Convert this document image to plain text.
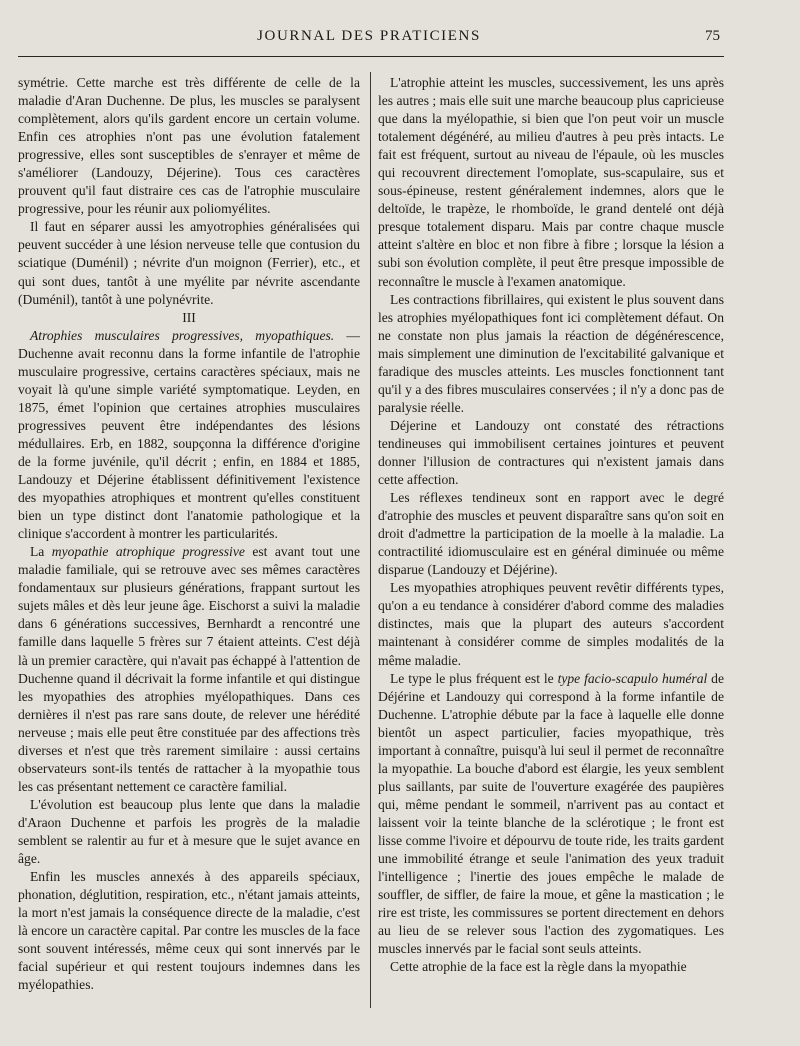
JOURNAL DES PRATICIENS	75

symétrie. Cette marche est très différente de celle de la maladie d'Aran Duchenne. De plus, les muscles se paralysent complètement, alors qu'ils gardent encore un certain volume. Enfin ces atrophies n'ont pas une évolution fatalement progressive, elles sont susceptibles de s'enrayer et même de s'améliorer (Landouzy, Déjerine). Tous ces caractères prouvent qu'il faut distraire ces cas de l'atrophie musculaire progressive, pour les réunir aux poliomyélites.

Il faut en séparer aussi les amyotrophies généralisées qui peuvent succéder à une lésion nerveuse telle que contusion du sciatique (Duménil) ; névrite d'un moignon (Ferrier), etc., et qui sont dues, tantôt à une myélite par névrite ascendante (Duménil), tantôt à une polynévrite.

III

Atrophies musculaires progressives, myopathiques. — Duchenne avait reconnu dans la forme infantile de l'atrophie musculaire progressive, certains caractères spéciaux, mais ne voyait là qu'une simple variété symptomatique. Leyden, en 1875, émet l'opinion que certaines atrophies musculaires progressives peuvent être indépendantes des lésions médullaires. Erb, en 1882, soupçonna la différence d'origine de la forme juvénile, qu'il décrit ; enfin, en 1884 et 1885, Landouzy et Déjerine établissent définitivement l'existence des myopathies atrophiques et montrent qu'elles constituent bien un type distinct dont l'anatomie pathologique et la clinique s'accordent à montrer les particularités.

La myopathie atrophique progressive est avant tout une maladie familiale, qui se retrouve avec ses mêmes caractères fondamentaux sur plusieurs générations, frappant surtout les sujets mâles et dès leur jeune âge. Eischorst a suivi la maladie dans 6 générations successives, Bernhardt a rencontré une famille dans laquelle 5 frères sur 7 étaient atteints. C'est déjà là un premier caractère, qui n'avait pas échappé à l'attention de Duchenne quand il décrivait la forme infantile et qui distingue les myopathies des atrophies myélopathiques. Dans ces dernières il n'est pas rare sans doute, de relever une hérédité nerveuse ; mais elle peut être constituée par des affections très diverses et n'est que très rarement similaire : aussi certains observateurs sont-ils tentés de rattacher à la myopathie tous les cas présentant nettement ce caractère familial.

L'évolution est beaucoup plus lente que dans la maladie d'Araon Duchenne et parfois les progrès de la maladie semblent se ralentir au fur et à mesure que le sujet avance en âge.

Enfin les muscles annexés à des appareils spéciaux, phonation, déglutition, respiration, etc., n'étant jamais atteints, la mort n'est jamais la conséquence directe de la maladie, c'est là encore un caractère capital. Par contre les muscles de la face sont souvent intéressés, même ceux qui sont innervés par le facial supérieur et qui restent toujours indemnes dans les myélopathies.

L'atrophie atteint les muscles, successivement, les uns après les autres ; mais elle suit une marche beaucoup plus capricieuse que dans la myélopathie, si bien que l'on peut voir un muscle totalement dégénéré, au milieu d'autres à peu près intacts. Le fait est fréquent, surtout au niveau de l'épaule, où les muscles qui recouvrent directement l'omoplate, sus-scapulaire, sus et sous-épineuse, restent généralement indemnes, alors que le deltoïde, le trapèze, le rhomboïde, le grand dentelé ont déjà presque totalement disparu. Mais par contre chaque muscle atteint s'altère en bloc et non fibre à fibre ; lorsque la lésion a subi son évolution complète, il peut être presque impossible de reconnaître le muscle à l'examen anatomique.

Les contractions fibrillaires, qui existent le plus souvent dans les atrophies myélopathiques font ici complètement défaut. On ne constate non plus jamais la réaction de dégénérescence, mais simplement une diminution de l'excitabilité galvanique et faradique des muscles atteints. Les muscles fonctionnent tant qu'il y a des fibres musculaires conservées ; il n'y a donc pas de paralysie réelle.

Déjerine et Landouzy ont constaté des rétractions tendineuses qui immobilisent certaines jointures et peuvent donner l'illusion de contractures qui n'existent jamais dans cette affection.

Les réflexes tendineux sont en rapport avec le degré d'atrophie des muscles et peuvent disparaître sans qu'on soit en droit d'admettre la participation de la moelle à la maladie. La contractilité idiomusculaire est en général diminuée ou même disparue (Landouzy et Déjérine).

Les myopathies atrophiques peuvent revêtir différents types, qu'on a eu tendance à considérer d'abord comme des maladies distinctes, mais que la plupart des auteurs s'accordent maintenant à considérer comme de simples modalités de la même maladie.

Le type le plus fréquent est le type facio-scapulo huméral de Déjérine et Landouzy qui correspond à la forme infantile de Duchenne. L'atrophie débute par la face à laquelle elle donne bientôt un aspect particulier, facies myopathique, très important à connaître, puisqu'à lui seul il permet de reconnaître la myopathie. La bouche d'abord est élargie, les yeux semblent plus saillants, par suite de l'ouverture exagérée des paupières qui, même pendant le sommeil, n'arrivent pas au contact et laissent voir la teinte blanche de la sclérotique ; le front est lisse comme l'ivoire et dépourvu de toute ride, les traits gardent une immobilité étrange et seule l'animation des yeux traduit l'intelligence ; l'inertie des joues empêche le malade de souffler, de siffler, de faire la moue, et gêne la mastication ; le rire est triste, les commissures se portent directement en dehors au lieu de se relever sous l'action des zygomatiques. Les muscles innervés par le facial sont seuls atteints.

Cette atrophie de la face est la règle dans la myopathie
